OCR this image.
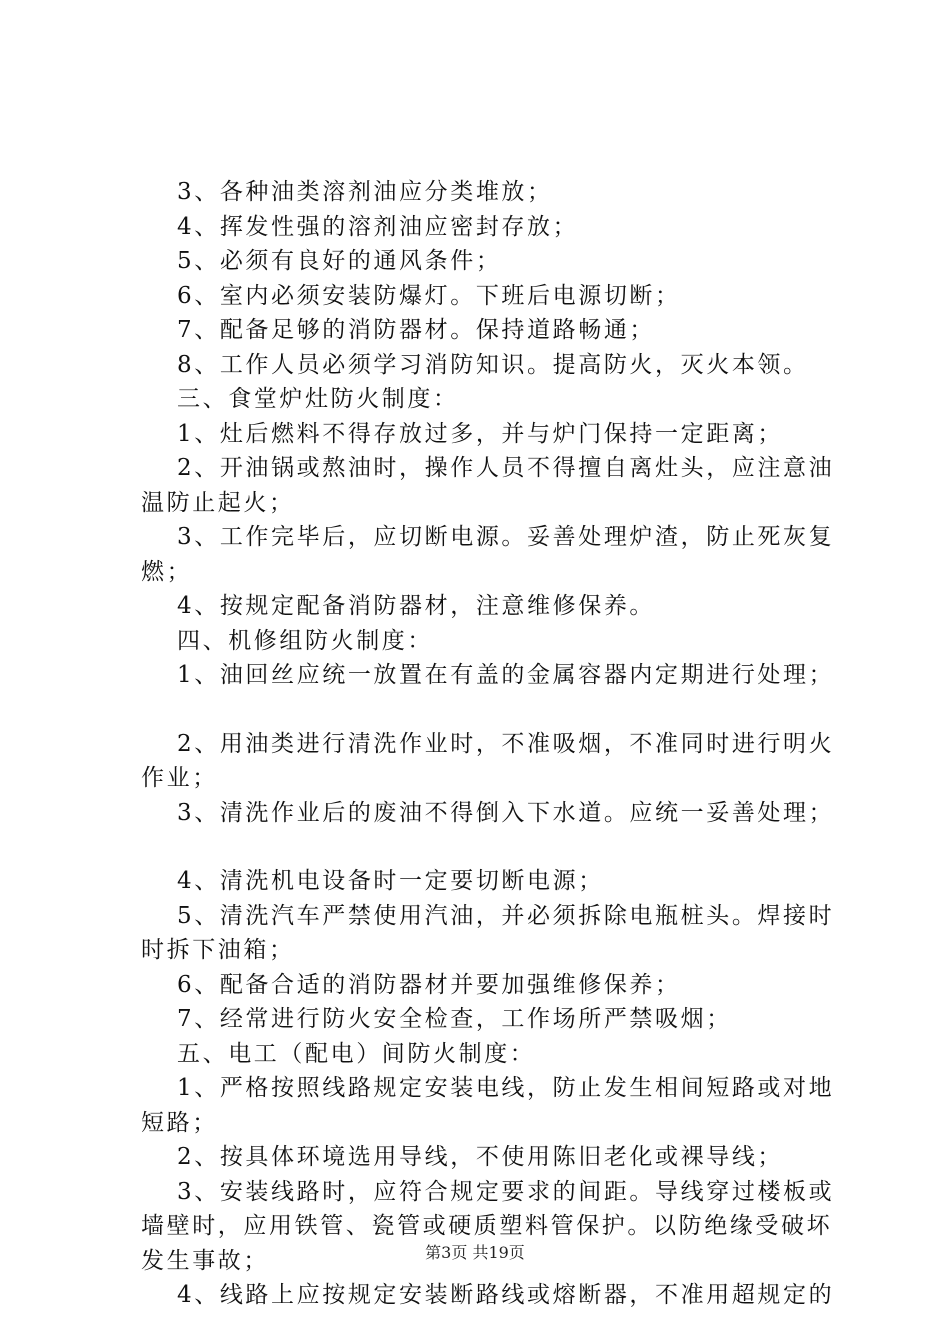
3、各种油类溶剂油应分类堆放；

4、挥发性强的溶剂油应密封存放；

5、必须有良好的通风条件；

6、室内必须安装防爆灯。下班后电源切断；

7、配备足够的消防器材。保持道路畅通；

8、工作人员必须学习消防知识。提高防火，灭火本领。

三、食堂炉灶防火制度：

1、灶后燃料不得存放过多，并与炉门保持一定距离；

2、开油锅或熬油时，操作人员不得擅自离灶头，应注意油温防止起火；

3、工作完毕后，应切断电源。妥善处理炉渣，防止死灰复燃；

4、按规定配备消防器材，注意维修保养。

四、机修组防火制度：

1、油回丝应统一放置在有盖的金属容器内定期进行处理；

2、用油类进行清洗作业时，不准吸烟，不准同时进行明火作业；

3、清洗作业后的废油不得倒入下水道。应统一妥善处理；

4、清洗机电设备时一定要切断电源；

5、清洗汽车严禁使用汽油，并必须拆除电瓶桩头。焊接时时拆下油箱；

6、配备合适的消防器材并要加强维修保养；

7、经常进行防火安全检查，工作场所严禁吸烟；

五、电工（配电）间防火制度：

1、严格按照线路规定安装电线，防止发生相间短路或对地短路；

2、按具体环境选用导线，不使用陈旧老化或裸导线；

3、安装线路时，应符合规定要求的间距。导线穿过楼板或墙壁时，应用铁管、瓷管或硬质塑料管保护。以防绝缘受破坏发生事故；

4、线路上应按规定安装断路线或熔断器，不准用超规定的

第3页 共19页
